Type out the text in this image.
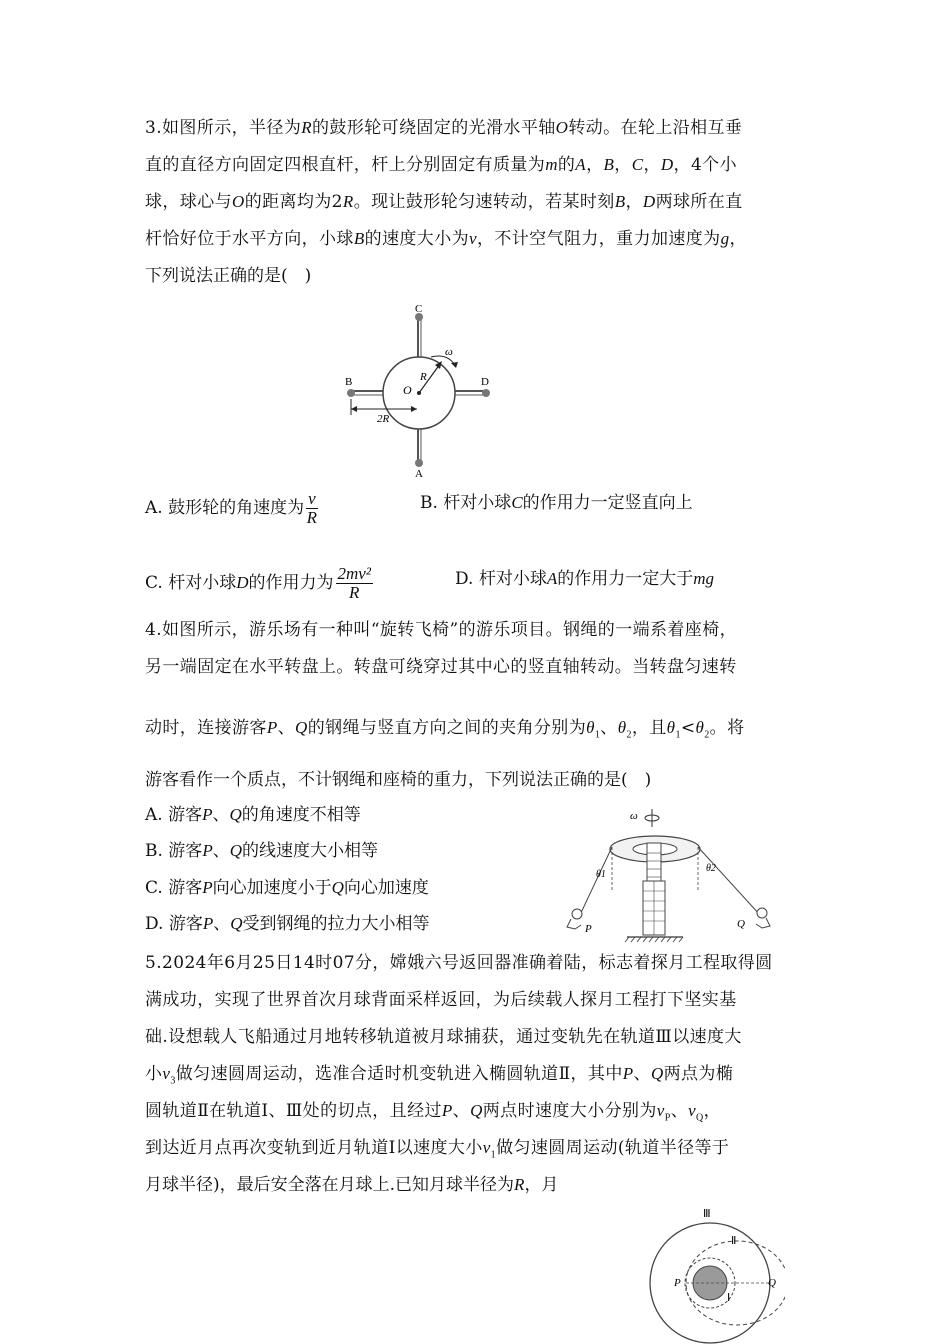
3.如图所示，半径为R的鼓形轮可绕固定的光滑水平轴O转动。在轮上沿相互垂
直的直径方向固定四根直杆，杆上分别固定有质量为m的A，B，C，D，4个小
球，球心与O的距离均为2R。现让鼓形轮匀速转动，若某时刻B，D两球所在直
杆恰好位于水平方向，小球B的速度大小为v，不计空气阻力，重力加速度为g，
下列说法正确的是(　)
C
A
B	D
O
R
ω
2R
A. 鼓形轮的角速度为 $\frac{v}{R}$	B. 杆对小球C的作用力一定竖直向上
C. 杆对小球D的作用力为 $\frac{\text{2mv²}}{R}$	D. 杆对小球A的作用力一定大于mg
4.如图所示，游乐场有一种叫“旋转飞椅”的游乐项目。钢绳的一端系着座椅，
另一端固定在水平转盘上。转盘可绕穿过其中心的竖直轴转动。当转盘匀速转
动时，连接游客P、Q的钢绳与竖直方向之间的夹角分别为$\theta_1$、$\theta_2$，且$\theta_1<\theta_2$。将
游客看作一个质点，不计钢绳和座椅的重力，下列说法正确的是(　)
A. 游客P、Q的角速度不相等
B. 游客P、Q的线速度大小相等
C. 游客P向心加速度小于Q向心加速度
D. 游客P、Q受到钢绳的拉力大小相等
ω
θ1
θ2
P	Q
5.2024年6月25日14时07分，嫦娥六号返回器准确着陆，标志着探月工程取得圆
满成功，实现了世界首次月球背面采样返回，为后续载人探月工程打下坚实基
础.设想载人飞船通过月地转移轨道被月球捕获，通过变轨先在轨道Ⅲ以速度大
小$v_3$做匀速圆周运动，选准合适时机变轨进入椭圆轨道Ⅱ，其中P、Q两点为椭
圆轨道Ⅱ在轨道Ⅰ、Ⅲ处的切点，且经过P、Q两点时速度大小分别为$v_P$、$v_Q$，
到达近月点再次变轨到近月轨道Ⅰ以速度大小$v_1$做匀速圆周运动(轨道半径等于
月球半径)，最后安全落在月球上.已知月球半径为R，月
Ⅲ
Ⅱ
Ⅰ
P	Q
